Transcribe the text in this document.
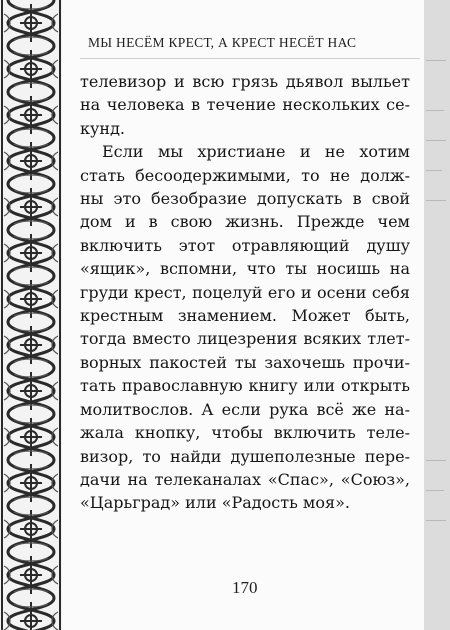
МЫ НЕСЁМ КРЕСТ, А КРЕСТ НЕСЁТ НАС
телевизор и всю грязь дьявол выльет
на человека в течение нескольких се-
кунд.
Если мы христиане и не хотим
стать бесоодержимыми, то не долж-
ны это безобразие допускать в свой
дом и в свою жизнь. Прежде чем
включить этот отравляющий душу
«ящик», вспомни, что ты носишь на
груди крест, поцелуй его и осени себя
крестным знамением. Может быть,
тогда вместо лицезрения всяких тлет-
ворных пакостей ты захочешь прочи-
тать православную книгу или открыть
молитвослов. А если рука всё же на-
жала кнопку, чтобы включить теле-
визор, то найди душеполезные пере-
дачи на телеканалах «Спас», «Союз»,
«Царьград» или «Радость моя».
170
